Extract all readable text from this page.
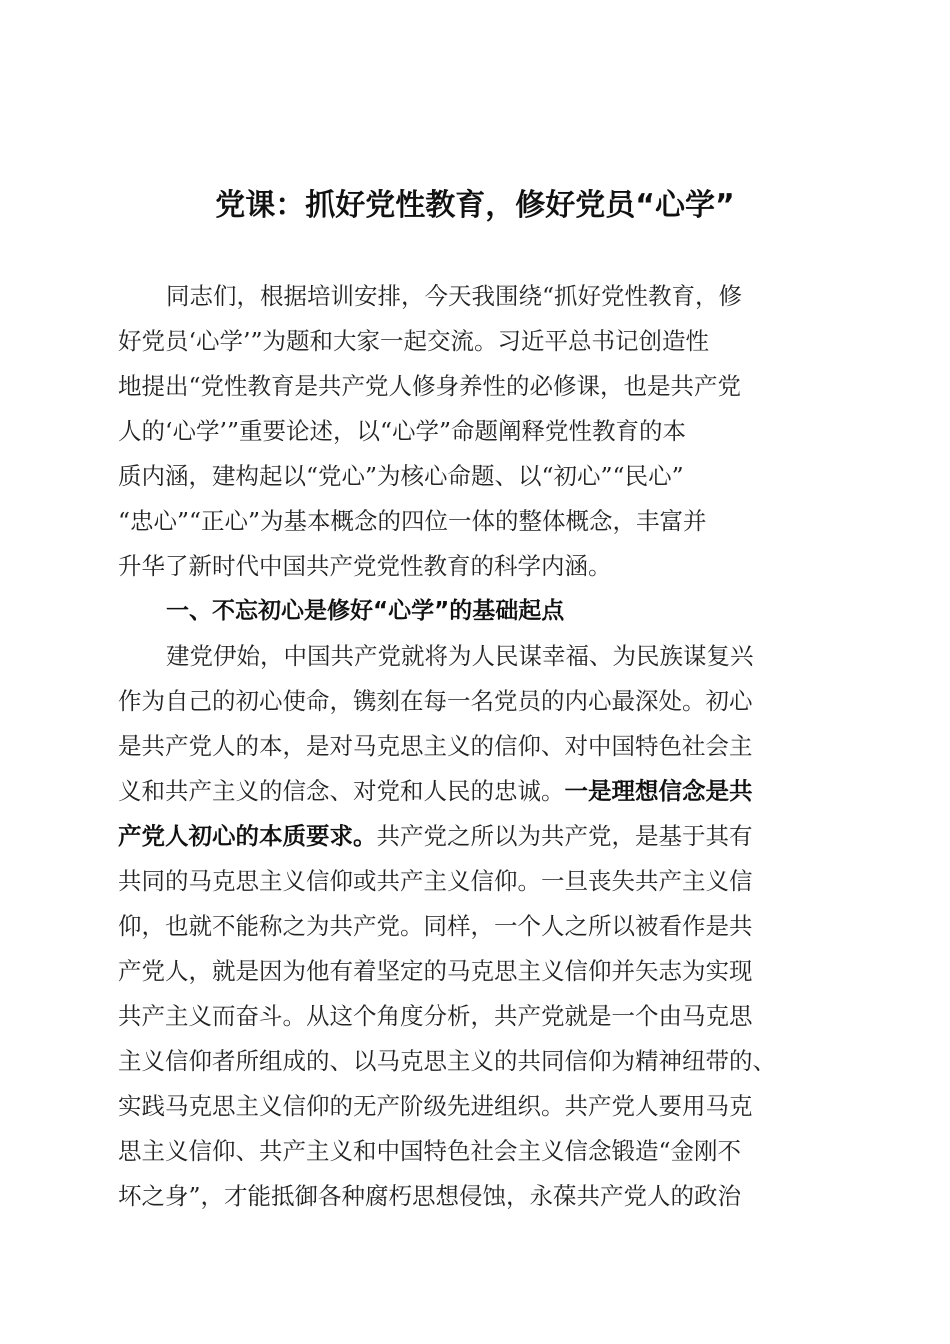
党课：抓好党性教育，修好党员“心学”
同志们，根据培训安排，今天我围绕“抓好党性教育，修
好党员‘心学’”为题和大家一起交流。习近平总书记创造性
地提出“党性教育是共产党人修身养性的必修课，也是共产党
人的‘心学’”重要论述，以“心学”命题阐释党性教育的本
质内涵，建构起以“党心”为核心命题、以“初心”“民心”
“忠心”“正心”为基本概念的四位一体的整体概念，丰富并
升华了新时代中国共产党党性教育的科学内涵。
一、不忘初心是修好“心学”的基础起点
建党伊始，中国共产党就将为人民谋幸福、为民族谋复兴
作为自己的初心使命，镌刻在每一名党员的内心最深处。初心
是共产党人的本，是对马克思主义的信仰、对中国特色社会主
义和共产主义的信念、对党和人民的忠诚。一是理想信念是共
产党人初心的本质要求。共产党之所以为共产党，是基于其有
共同的马克思主义信仰或共产主义信仰。一旦丧失共产主义信
仰，也就不能称之为共产党。同样，一个人之所以被看作是共
产党人，就是因为他有着坚定的马克思主义信仰并矢志为实现
共产主义而奋斗。从这个角度分析，共产党就是一个由马克思
主义信仰者所组成的、以马克思主义的共同信仰为精神纽带的、
实践马克思主义信仰的无产阶级先进组织。共产党人要用马克
思主义信仰、共产主义和中国特色社会主义信念锻造“金刚不
坏之身”，才能抵御各种腐朽思想侵蚀，永葆共产党人的政治
